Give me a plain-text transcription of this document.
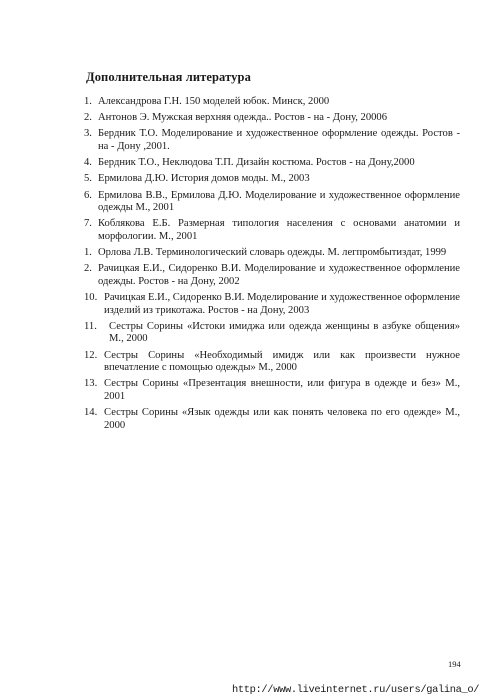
Дополнительная литература
1. Александрова Г.Н. 150 моделей юбок. Минск, 2000
2. Антонов Э. Мужская верхняя одежда.. Ростов - на - Дону, 20006
3. Бердник Т.О. Моделирование и художественное оформление одежды. Ростов - на - Дону ,2001.
4. Бердник Т.О., Неклюдова Т.П. Дизайн костюма. Ростов - на Дону,2000
5. Ермилова Д.Ю. История домов моды. М., 2003
6. Ермилова В.В., Ермилова Д.Ю. Моделирование и художественное оформление одежды М., 2001
7. Коблякова Е.Б. Размерная типология населения с основами анатомии и морфологии. М., 2001
1. Орлова Л.В. Терминологический словарь одежды. М. легпромбытиздат, 1999
2. Рачицкая Е.И., Сидоренко В.И. Моделирование и художественное оформление одежды. Ростов - на Дону, 2002
10. Рачицкая Е.И., Сидоренко В.И. Моделирование и художественное оформление изделий из трикотажа. Ростов - на Дону, 2003
11. Сестры Сорины «Истоки имиджа или одежда женщины в азбуке общения» М., 2000
12. Сестры Сорины «Необходимый имидж или как произвести нужное впечатление с помощью одежды» М., 2000
13. Сестры Сорины «Презентация внешности, или фигура в одежде и без» М., 2001
14. Сестры Сорины «Язык одежды или как понять человека по его одежде» М., 2000
194
http://www.liveinternet.ru/users/galina_o/
